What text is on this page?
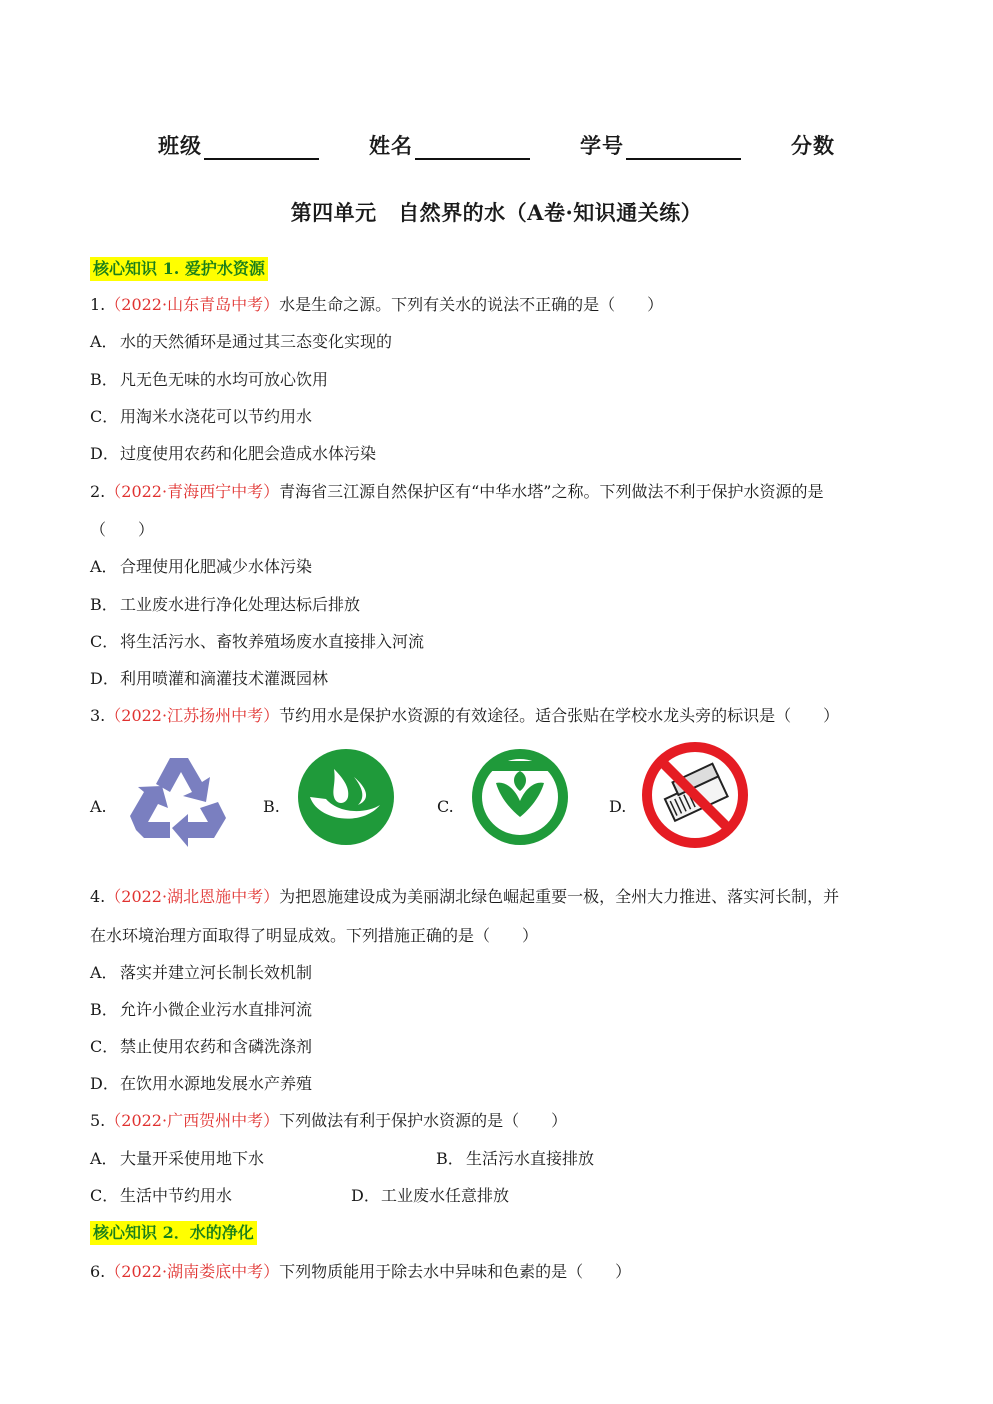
班级	姓名	学号	分数
第四单元　自然界的水（A卷·知识通关练）
核心知识 1. 爱护水资源
1.（2022·山东青岛中考）水是生命之源。下列有关水的说法不正确的是（　　）
A． 水的天然循环是通过其三态变化实现的
B． 凡无色无味的水均可放心饮用
C． 用淘米水浇花可以节约用水
D．过度使用农药和化肥会造成水体污染
2.（2022·青海西宁中考）青海省三江源自然保护区有“中华水塔”之称。下列做法不利于保护水资源的是
（　　）
A． 合理使用化肥减少水体污染
B． 工业废水进行净化处理达标后排放
C． 将生活污水、畜牧养殖场废水直接排入河流
D．利用喷灌和滴灌技术灌溉园林
3.（2022·江苏扬州中考）节约用水是保护水资源的有效途径。适合张贴在学校水龙头旁的标识是（　　）
A.	B.	C.	D.
4.（2022·湖北恩施中考）为把恩施建设成为美丽湖北绿色崛起重要一极，全州大力推进、落实河长制，并
在水环境治理方面取得了明显成效。下列措施正确的是（　　）
A． 落实并建立河长制长效机制
B． 允许小微企业污水直排河流
C． 禁止使用农药和含磷洗涤剂
D．在饮用水源地发展水产养殖
5.（2022·广西贺州中考）下列做法有利于保护水资源的是（　　）
A． 大量开采使用地下水	B． 生活污水直接排放
C． 生活中节约用水	D．工业废水任意排放
核心知识 2．水的净化
6.（2022·湖南娄底中考）下列物质能用于除去水中异味和色素的是（　　）
